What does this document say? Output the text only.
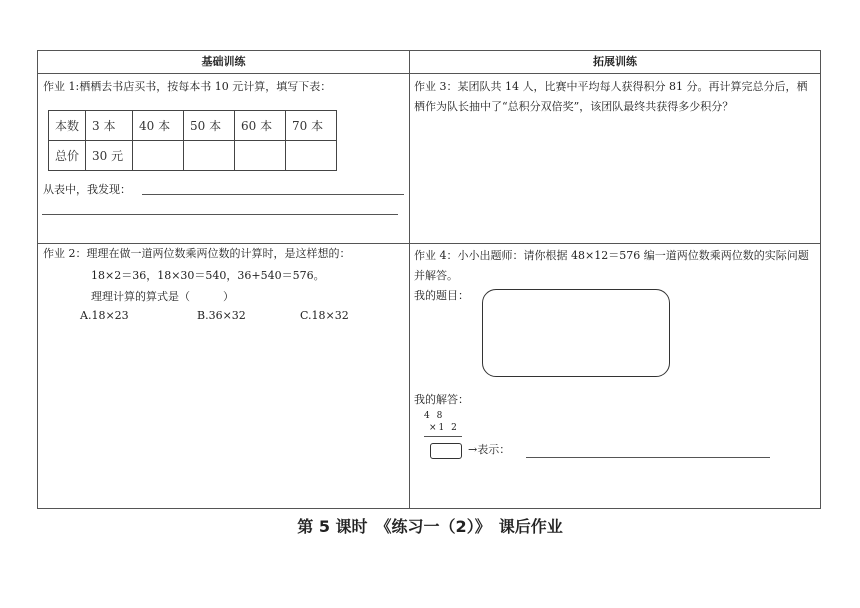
基础训练	拓展训练
作业 1:栖栖去书店买书，按每本书 10 元计算，填写下表：
本数	3 本	40 本	50 本	60 本	70 本
总价	30 元				
从表中，我发现：
作业 2：理理在做一道两位数乘两位数的计算时，是这样想的：
18×2＝36，18×30＝540，36+540＝576。
理理计算的算式是（　　　）
A.18×23	B.36×32	C.18×32
作业 3：某团队共 14 人，比赛中平均每人获得积分 81 分。再计算完总分后，栖栖作为队长抽中了“总积分双倍奖”，该团队最终共获得多少积分？
作业 4：小小出题师：请你根据 48×12＝576 编一道两位数乘两位数的实际问题并解答。
我的题目：
我的解答：
4 8
×1 2
→表示：
第 5 课时　《练习一（2）》　课后作业
